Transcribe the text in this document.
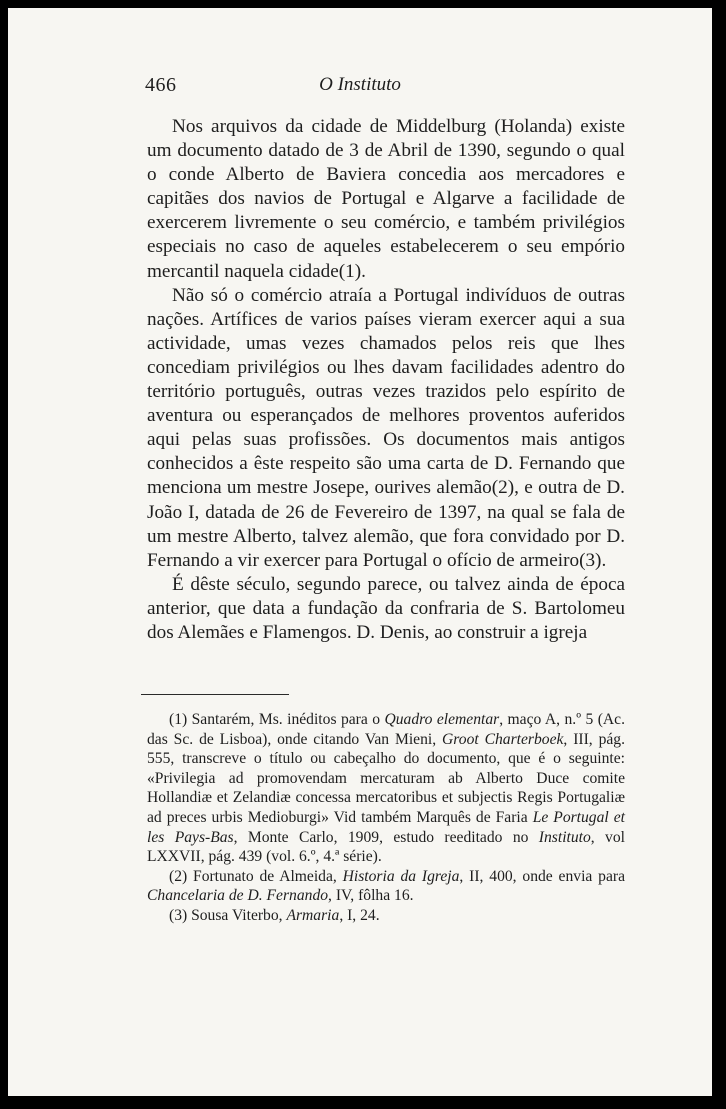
466	O Instituto

Nos arquivos da cidade de Middelburg (Holanda) existe um documento datado de 3 de Abril de 1390, segundo o qual o conde Alberto de Baviera concedia aos mercadores e capitães dos navios de Portugal e Algarve a facilidade de exercerem livremente o seu comércio, e também privilégios especiais no caso de aqueles estabelecerem o seu empório mercantil naquela cidade(1).

Não só o comércio atraía a Portugal indivíduos de outras nações. Artífices de varios países vieram exercer aqui a sua actividade, umas vezes chamados pelos reis que lhes concediam privilégios ou lhes davam facilidades adentro do território português, outras vezes trazidos pelo espírito de aventura ou esperançados de melhores proventos auferidos aqui pelas suas profissões. Os documentos mais antigos conhecidos a êste respeito são uma carta de D. Fernando que menciona um mestre Josepe, ourives alemão(2), e outra de D. João I, datada de 26 de Fevereiro de 1397, na qual se fala de um mestre Alberto, talvez alemão, que fora convidado por D. Fernando a vir exercer para Portugal o ofício de armeiro(3).

É dêste século, segundo parece, ou talvez ainda de época anterior, que data a fundação da confraria de S. Bartolomeu dos Alemães e Flamengos. D. Denis, ao construir a igreja

(1) Santarém, Ms. inéditos para o Quadro elementar, maço A, n.º 5 (Ac. das Sc. de Lisboa), onde citando Van Mieni, Groot Charterboek, III, pág. 555, transcreve o título ou cabeçalho do documento, que é o seguinte: «Privilegia ad promovendam mercaturam ab Alberto Duce comite Hollandiæ et Zelandiæ concessa mercatoribus et subjectis Regis Portugaliæ ad preces urbis Medioburgi» Vid também Marquês de Faria Le Portugal et les Pays-Bas, Monte Carlo, 1909, estudo reeditado no Instituto, vol LXXVII, pág. 439 (vol. 6.º, 4.ª série).

(2) Fortunato de Almeida, Historia da Igreja, II, 400, onde envia para Chancelaria de D. Fernando, IV, fôlha 16.

(3) Sousa Viterbo, Armaria, I, 24.
